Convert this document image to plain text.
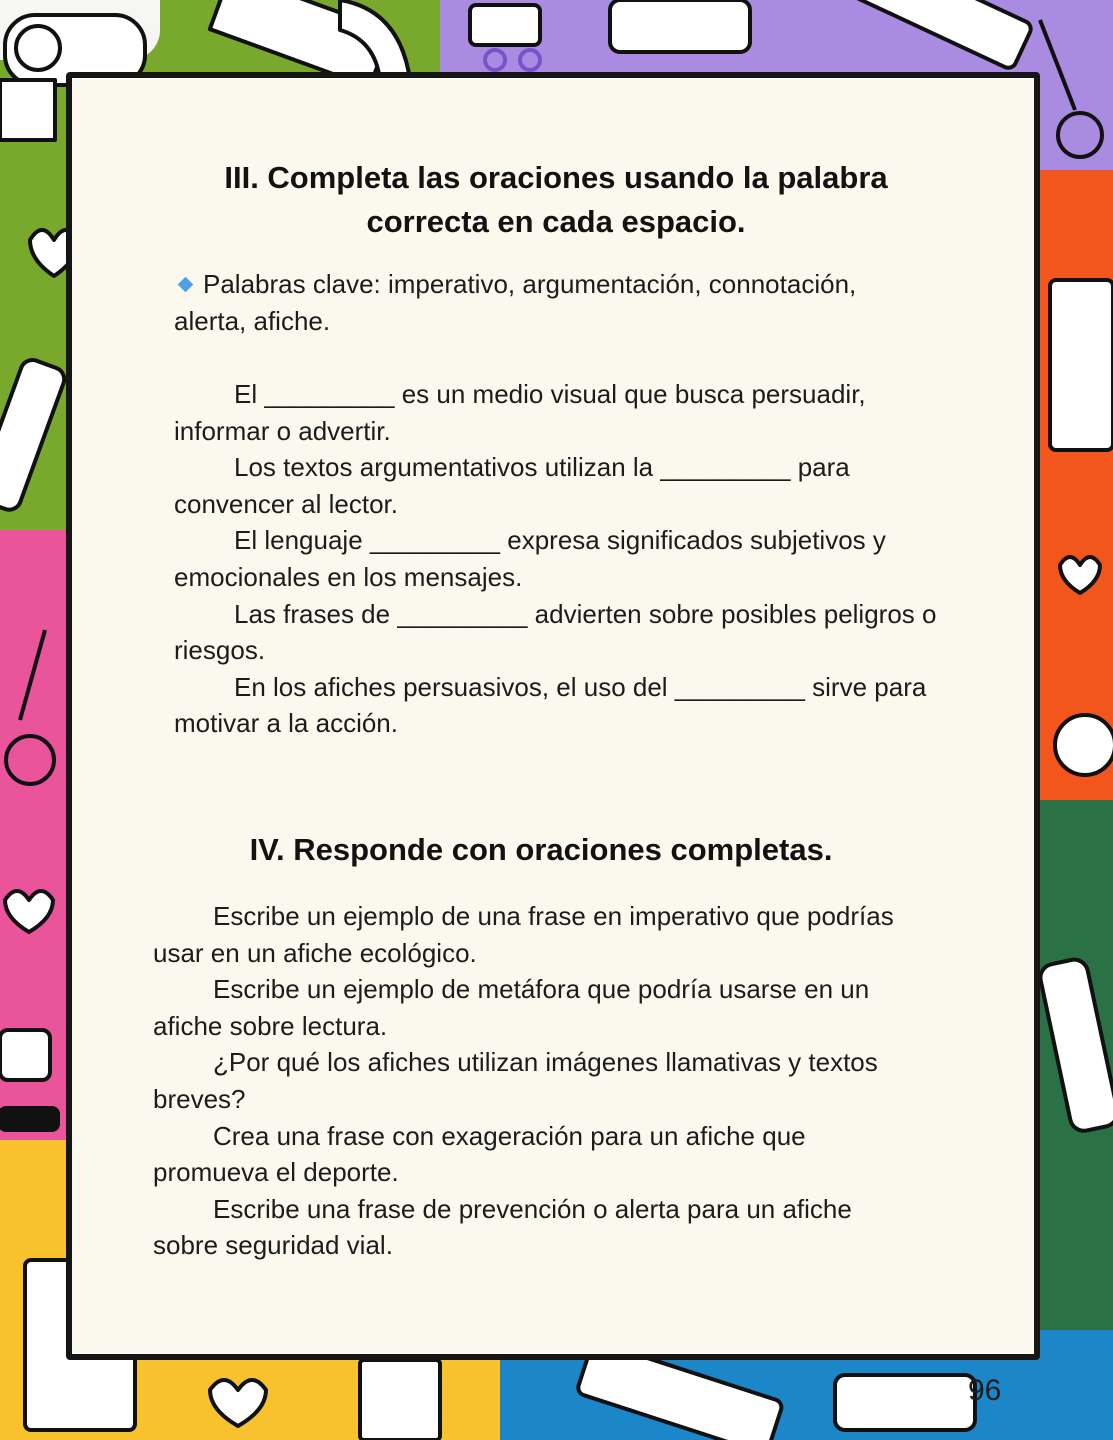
III. Completa las oraciones usando la palabra
correcta en cada espacio.
Palabras clave: imperativo, argumentación, connotación,
alerta, afiche.
El _________ es un medio visual que busca persuadir,
informar o advertir.
Los textos argumentativos utilizan la _________ para
convencer al lector.
El lenguaje _________ expresa significados subjetivos y
emocionales en los mensajes.
Las frases de _________ advierten sobre posibles peligros o
riesgos.
En los afiches persuasivos, el uso del _________ sirve para
motivar a la acción.
IV. Responde con oraciones completas.
Escribe un ejemplo de una frase en imperativo que podrías
usar en un afiche ecológico.
Escribe un ejemplo de metáfora que podría usarse en un
afiche sobre lectura.
¿Por qué los afiches utilizan imágenes llamativas y textos
breves?
Crea una frase con exageración para un afiche que
promueva el deporte.
Escribe una frase de prevención o alerta para un afiche
sobre seguridad vial.
96
